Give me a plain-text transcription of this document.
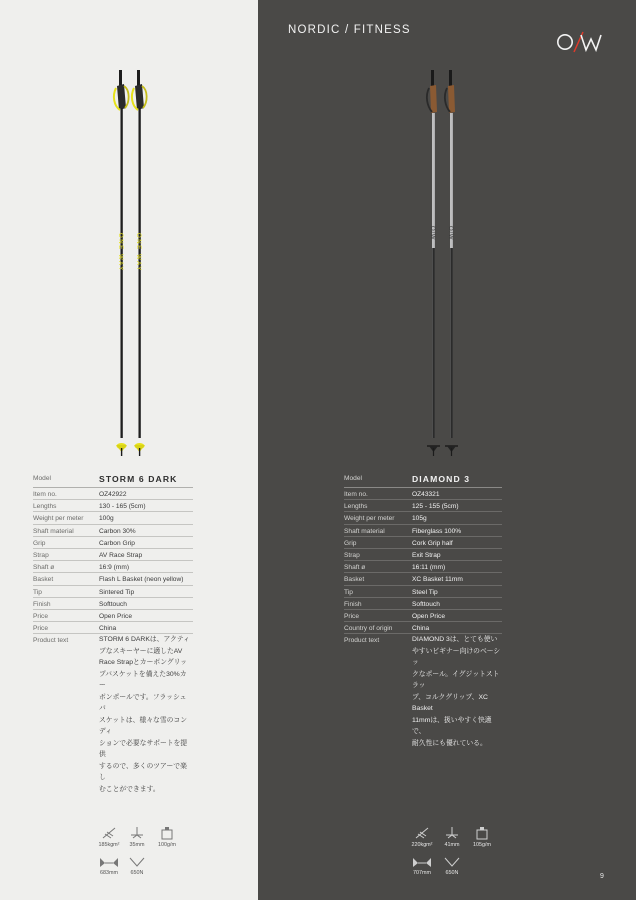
NORDIC / FITNESS
ONE WAY ONE WAY	O/W O/W
Model	STORM 6 DARK
Item no.	OZ42922
Lengths	130 - 165 (5cm)
Weight per meter 100g
Shaft material	Carbon 30%
Grip	Carbon Grip
Strap	AV Race Strap
Shaft ø	16:9 (mm)
Basket	Flash L Basket (neon yellow)
Tip	Sintered Tip
Finish	Softtouch
Price	Open Price
Price	China
Product text	STORM 6 DARKは、アクティ
ブなスキーヤーに適したAV
Race Strapとカーボングリッ
プバスケットを備えた30%カー
ボンポールです。フラッシュバ
スケットは、様々な雪のコンディ
ションで必要なサポートを提供
するので、多くのツアーで楽し
むことができます。
Model	DIAMOND 3
Item no.	OZ43321
Lengths	125 - 155 (5cm)
Weight per meter	105g
Shaft material	Fiberglass 100%
Grip	Cork Grip half
Strap	Exit Strap
Shaft ø	16:11 (mm)
Basket	XC Basket 11mm
Tip	Steel Tip
Finish	Softtouch
Price	Open Price
Country of origin	China
Product text	DIAMOND 3は、とても使い
やすいビギナー向けのベーシッ
クなポール。イグジットストラッ
プ、コルクグリップ、XC Basket
11mmは、扱いやすく快適で、
耐久性にも優れている。
185kgm²	35mm	100g/m
683mm	650N
220kgm²	41mm	105g/m
707mm	650N	9
